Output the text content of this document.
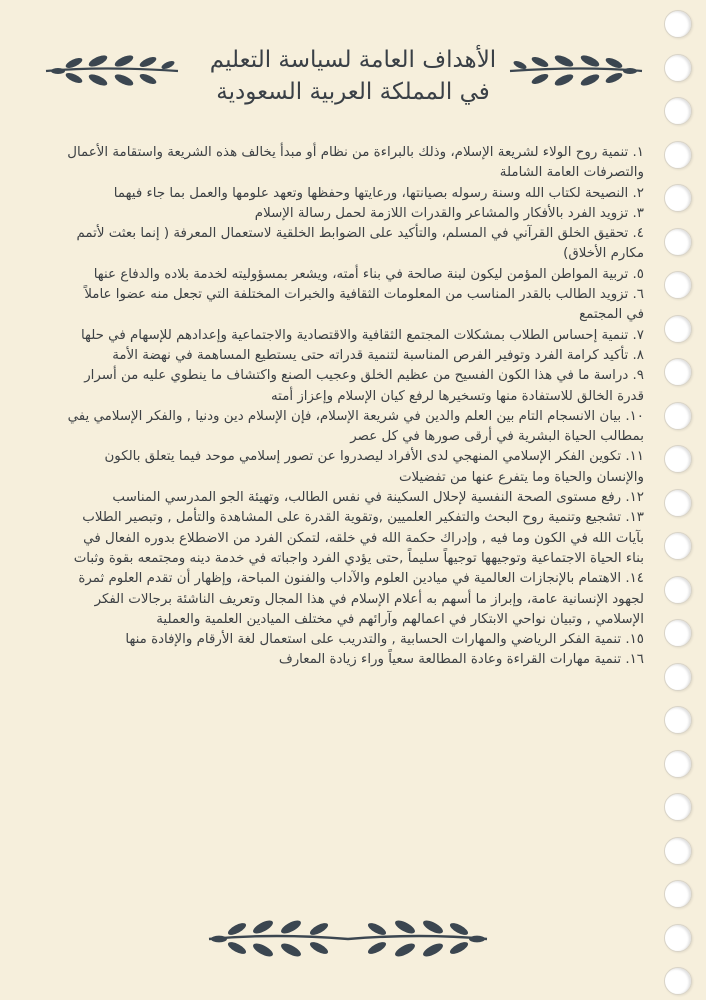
الأهداف العامة لسياسة التعليم
في المملكة العربية السعودية

١. تنمية روح الولاء لشريعة الإسلام، وذلك بالبراءة من نظام أو مبدأ يخالف هذه الشريعة واستقامة الأعمال والتصرفات العامة الشاملة

٢. النصيحة لكتاب الله وسنة رسوله بصيانتها، ورعايتها وحفظها وتعهد علومها والعمل بما جاء فيهما

٣. تزويد الفرد بالأفكار والمشاعر والقدرات اللازمة لحمل رسالة الإسلام

٤. تحقيق الخلق القرآني في المسلم، والتأكيد على الضوابط الخلقية لاستعمال المعرفة ( إنما بعثت لأتمم مكارم الأخلاق)

٥. تربية المواطن المؤمن ليكون لبنة صالحة في بناء أمته، ويشعر بمسؤوليته لخدمة بلاده والدفاع عنها

٦. تزويد الطالب بالقدر المناسب من المعلومات الثقافية والخبرات المختلفة التي تجعل منه عضوا عاملاً في المجتمع

٧. تنمية إحساس الطلاب بمشكلات المجتمع الثقافية والاقتصادية والاجتماعية وإعدادهم للإسهام في حلها

٨. تأكيد كرامة الفرد وتوفير الفرص المناسبة لتنمية قدراته حتى يستطيع المساهمة في نهضة الأمة

٩. دراسة ما في هذا الكون الفسيح من عظيم الخلق وعجيب الصنع واكتشاف ما ينطوي عليه من أسرار قدرة الخالق للاستفادة منها وتسخيرها لرفع كيان الإسلام وإعزاز أمته

١٠. بيان الانسجام التام بين العلم والدين في شريعة الإسلام، فإن الإسلام دين ودنيا , والفكر الإسلامي يفي بمطالب الحياة البشرية في أرقى صورها في كل عصر

١١. تكوين الفكر الإسلامي المنهجي لدى الأفراد ليصدروا عن تصور إسلامي موحد فيما يتعلق بالكون والإنسان والحياة وما يتفرع عنها من تفضيلات

١٢. رفع مستوى الصحة النفسية لإحلال السكينة في نفس الطالب، وتهيئة الجو المدرسي المناسب

١٣. تشجيع وتنمية روح البحث والتفكير العلميين ,وتقوية القدرة على المشاهدة والتأمل , وتبصير الطلاب بآيات الله في الكون وما فيه , وإدراك حكمة الله في خلقه، لتمكن الفرد من الاضطلاع بدوره الفعال في بناء الحياة الاجتماعية وتوجيهها توجيهاً سليماً ,حتى يؤدي الفرد واجباته في خدمة دينه ومجتمعه بقوة وثبات

١٤. الاهتمام بالإنجازات العالمية في ميادين العلوم والآداب والفنون المباحة، وإظهار أن تقدم العلوم ثمرة لجهود الإنسانية عامة، وإبراز ما أسهم به أعلام الإسلام في هذا المجال وتعريف الناشئة برجالات الفكر الإسلامي , وتبيان نواحي الابتكار في اعمالهم وآرائهم في مختلف الميادين العلمية والعملية

١٥. تنمية الفكر الرياضي والمهارات الحسابية , والتدريب على استعمال لغة الأرقام والإفادة منها

١٦. تنمية مهارات القراءة وعادة المطالعة سعياً وراء زيادة المعارف
